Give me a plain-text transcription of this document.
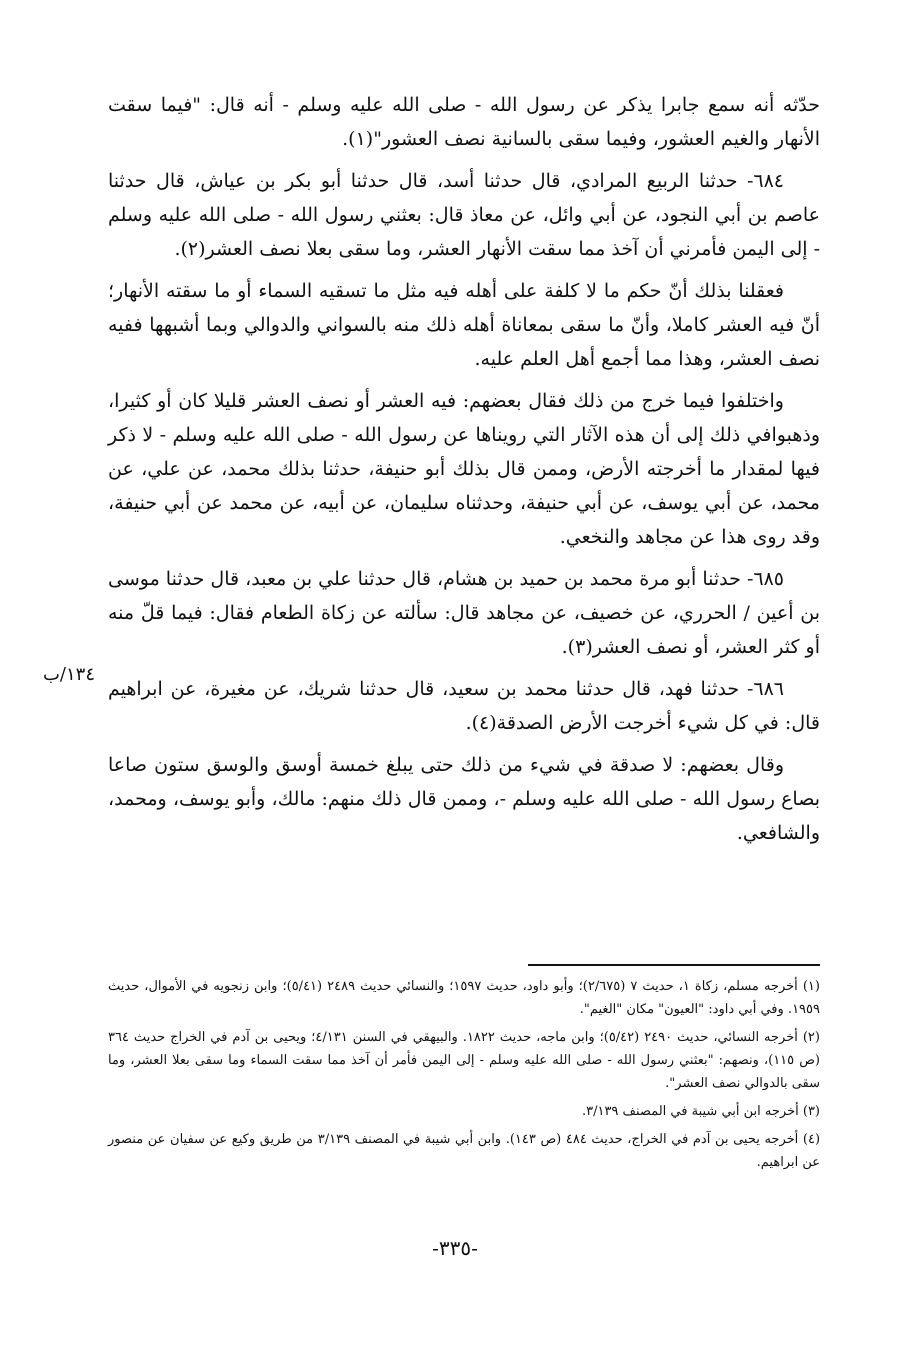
حدّثه أنه سمع جابرا يذكر عن رسول الله - صلى الله عليه وسلم - أنه قال: "فيما سقت الأنهار والغيم العشور، وفيما سقى بالسانية نصف العشور"(١).

٦٨٤- حدثنا الربيع المرادي، قال حدثنا أسد، قال حدثنا أبو بكر بن عياش، قال حدثنا عاصم بن أبي النجود، عن أبي وائل، عن معاذ قال: بعثني رسول الله - صلى الله عليه وسلم - إلى اليمن فأمرني أن آخذ مما سقت الأنهار العشر، وما سقى بعلا نصف العشر(٢).

فعقلنا بذلك أنّ حكم ما لا كلفة على أهله فيه مثل ما تسقيه السماء أو ما سقته الأنهار؛ أنّ فيه العشر كاملا، وأنّ ما سقى بمعاناة أهله ذلك منه بالسواني والدوالي وبما أشبهها ففيه نصف العشر، وهذا مما أجمع أهل العلم عليه.

واختلفوا فيما خرج من ذلك فقال بعضهم: فيه العشر أو نصف العشر قليلا كان أو كثيرا، وذهبوافي ذلك إلى أن هذه الآثار التي رويناها عن رسول الله - صلى الله عليه وسلم - لا ذكر فيها لمقدار ما أخرجته الأرض، وممن قال بذلك أبو حنيفة، حدثنا بذلك محمد، عن علي، عن محمد، عن أبي يوسف، عن أبي حنيفة، وحدثناه سليمان، عن أبيه، عن محمد عن أبي حنيفة، وقد روى هذا عن مجاهد والنخعي.

٦٨٥- حدثنا أبو مرة محمد بن حميد بن هشام، قال حدثنا علي بن معبد، قال حدثنا موسى بن أعين / الحرري، عن خصيف، عن مجاهد قال: سألته عن زكاة الطعام فقال: فيما قلّ منه أو كثر العشر، أو نصف العشر(٣).

٦٨٦- حدثنا فهد، قال حدثنا محمد بن سعيد، قال حدثنا شريك، عن مغيرة، عن ابراهيم قال: في كل شيء أخرجت الأرض الصدقة(٤).

وقال بعضهم: لا صدقة في شيء من ذلك حتى يبلغ خمسة أوسق والوسق ستون صاعا بصاع رسول الله - صلى الله عليه وسلم -، وممن قال ذلك منهم: مالك، وأبو يوسف، ومحمد، والشافعي.

١٣٤/ب

(١) أخرجه مسلم، زكاة ١، حديث ٧ (٢/٦٧٥)؛ وأبو داود، حديث ١٥٩٧؛ والنسائي حديث ٢٤٨٩ (٥/٤١)؛ وابن زنجويه في الأموال، حديث ١٩٥٩. وفي أبي داود: "العيون" مكان "الغيم".

(٢) أخرجه النسائي، حديث ٢٤٩٠ (٥/٤٢)؛ وابن ماجه، حديث ١٨٢٢. والبيهقي في السنن ٤/١٣١؛ ويحيى بن آدم في الخراج حديث ٣٦٤ (ص ١١٥)، ونصهم: "بعثني رسول الله - صلى الله عليه وسلم - إلى اليمن فأمر أن آخذ مما سقت السماء وما سقى بعلا العشر، وما سقى بالدوالي نصف العشر".

(٣) أخرجه ابن أبي شيبة في المصنف ٣/١٣٩.

(٤) أخرجه يحيى بن آدم في الخراج، حديث ٤٨٤ (ص ١٤٣). وابن أبي شيبة في المصنف ٣/١٣٩ من طريق وكيع عن سفيان عن منصور عن ابراهيم.

-٣٣٥-
